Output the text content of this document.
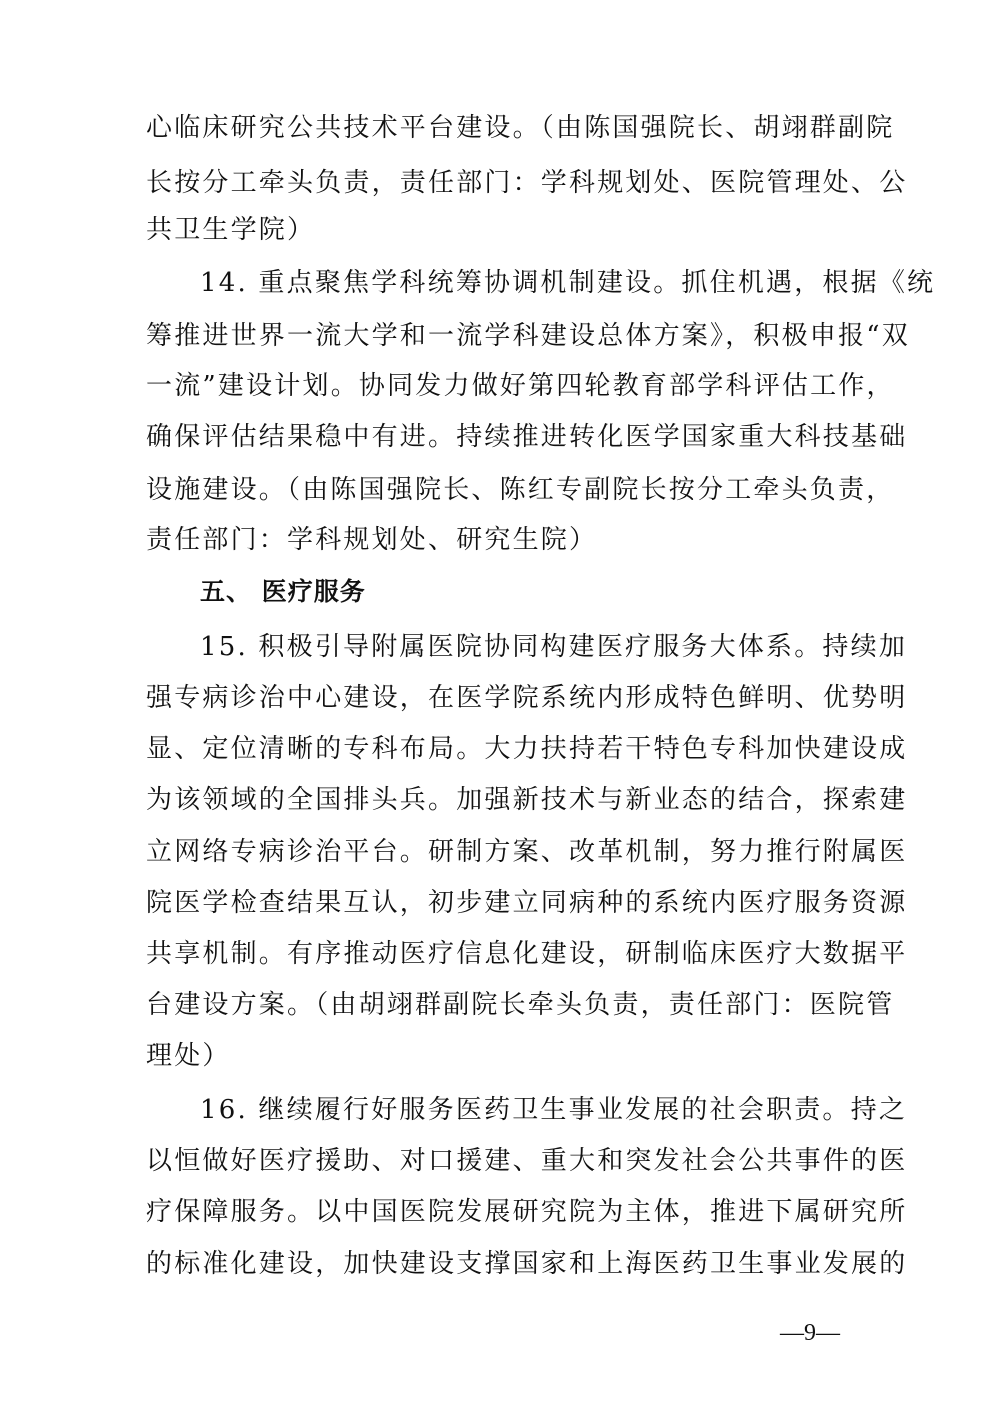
心临床研究公共技术平台建设。（由陈国强院长、胡翊群副院
长按分工牵头负责，责任部门：学科规划处、医院管理处、公
共卫生学院）
14. 重点聚焦学科统筹协调机制建设。抓住机遇，根据《统
筹推进世界一流大学和一流学科建设总体方案》，积极申报“双
一流”建设计划。协同发力做好第四轮教育部学科评估工作，
确保评估结果稳中有进。持续推进转化医学国家重大科技基础
设施建设。（由陈国强院长、陈红专副院长按分工牵头负责，
责任部门：学科规划处、研究生院）
五、 医疗服务
15. 积极引导附属医院协同构建医疗服务大体系。持续加
强专病诊治中心建设，在医学院系统内形成特色鲜明、优势明
显、定位清晰的专科布局。大力扶持若干特色专科加快建设成
为该领域的全国排头兵。加强新技术与新业态的结合，探索建
立网络专病诊治平台。研制方案、改革机制，努力推行附属医
院医学检查结果互认，初步建立同病种的系统内医疗服务资源
共享机制。有序推动医疗信息化建设，研制临床医疗大数据平
台建设方案。（由胡翊群副院长牵头负责，责任部门：医院管
理处）
16. 继续履行好服务医药卫生事业发展的社会职责。持之
以恒做好医疗援助、对口援建、重大和突发社会公共事件的医
疗保障服务。以中国医院发展研究院为主体，推进下属研究所
的标准化建设，加快建设支撑国家和上海医药卫生事业发展的
—9—
